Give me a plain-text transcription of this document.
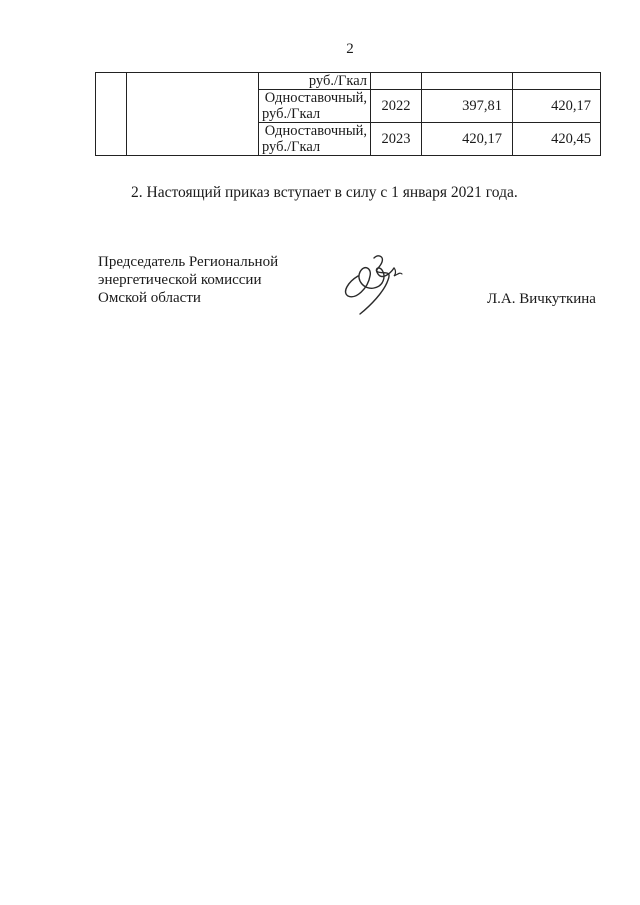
2
		руб./Гкал			

		Одноставочный,
руб./Гкал	2022	397,81	420,17

		Одноставочный,
руб./Гкал	2023	420,17	420,45
2. Настоящий приказ вступает в силу с 1 января 2021 года.
Председатель Региональной
энергетической комиссии
Омской области	Л.А. Вичкуткина
